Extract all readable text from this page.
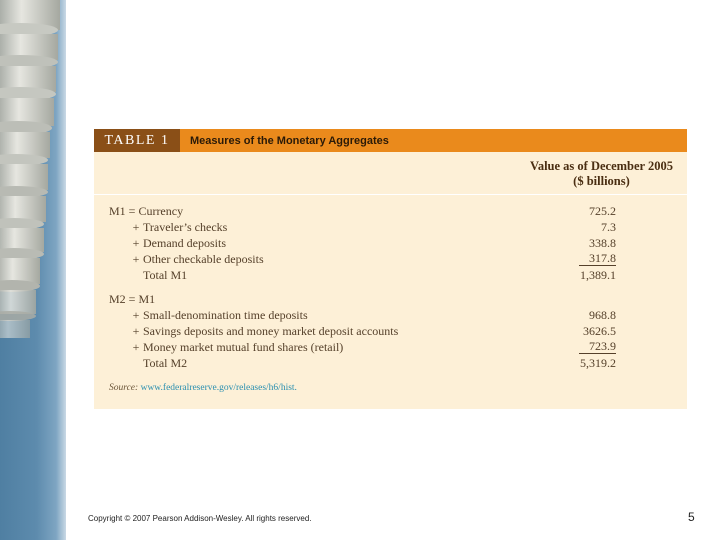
TABLE 1	Measures of the Monetary Aggregates
Value as of December 2005
($ billions)
M1 = Currency	725.2
+ Traveler’s checks	7.3
+ Demand deposits	338.8
+ Other checkable deposits	317.8
Total M1	1,389.1
M2 = M1
+ Small-denomination time deposits	968.8
+ Savings deposits and money market deposit accounts	3626.5
+ Money market mutual fund shares (retail)	723.9
Total M2	5,319.2
Source: www.federalreserve.gov/releases/h6/hist.
Copyright © 2007 Pearson Addison-Wesley. All rights reserved.	5
